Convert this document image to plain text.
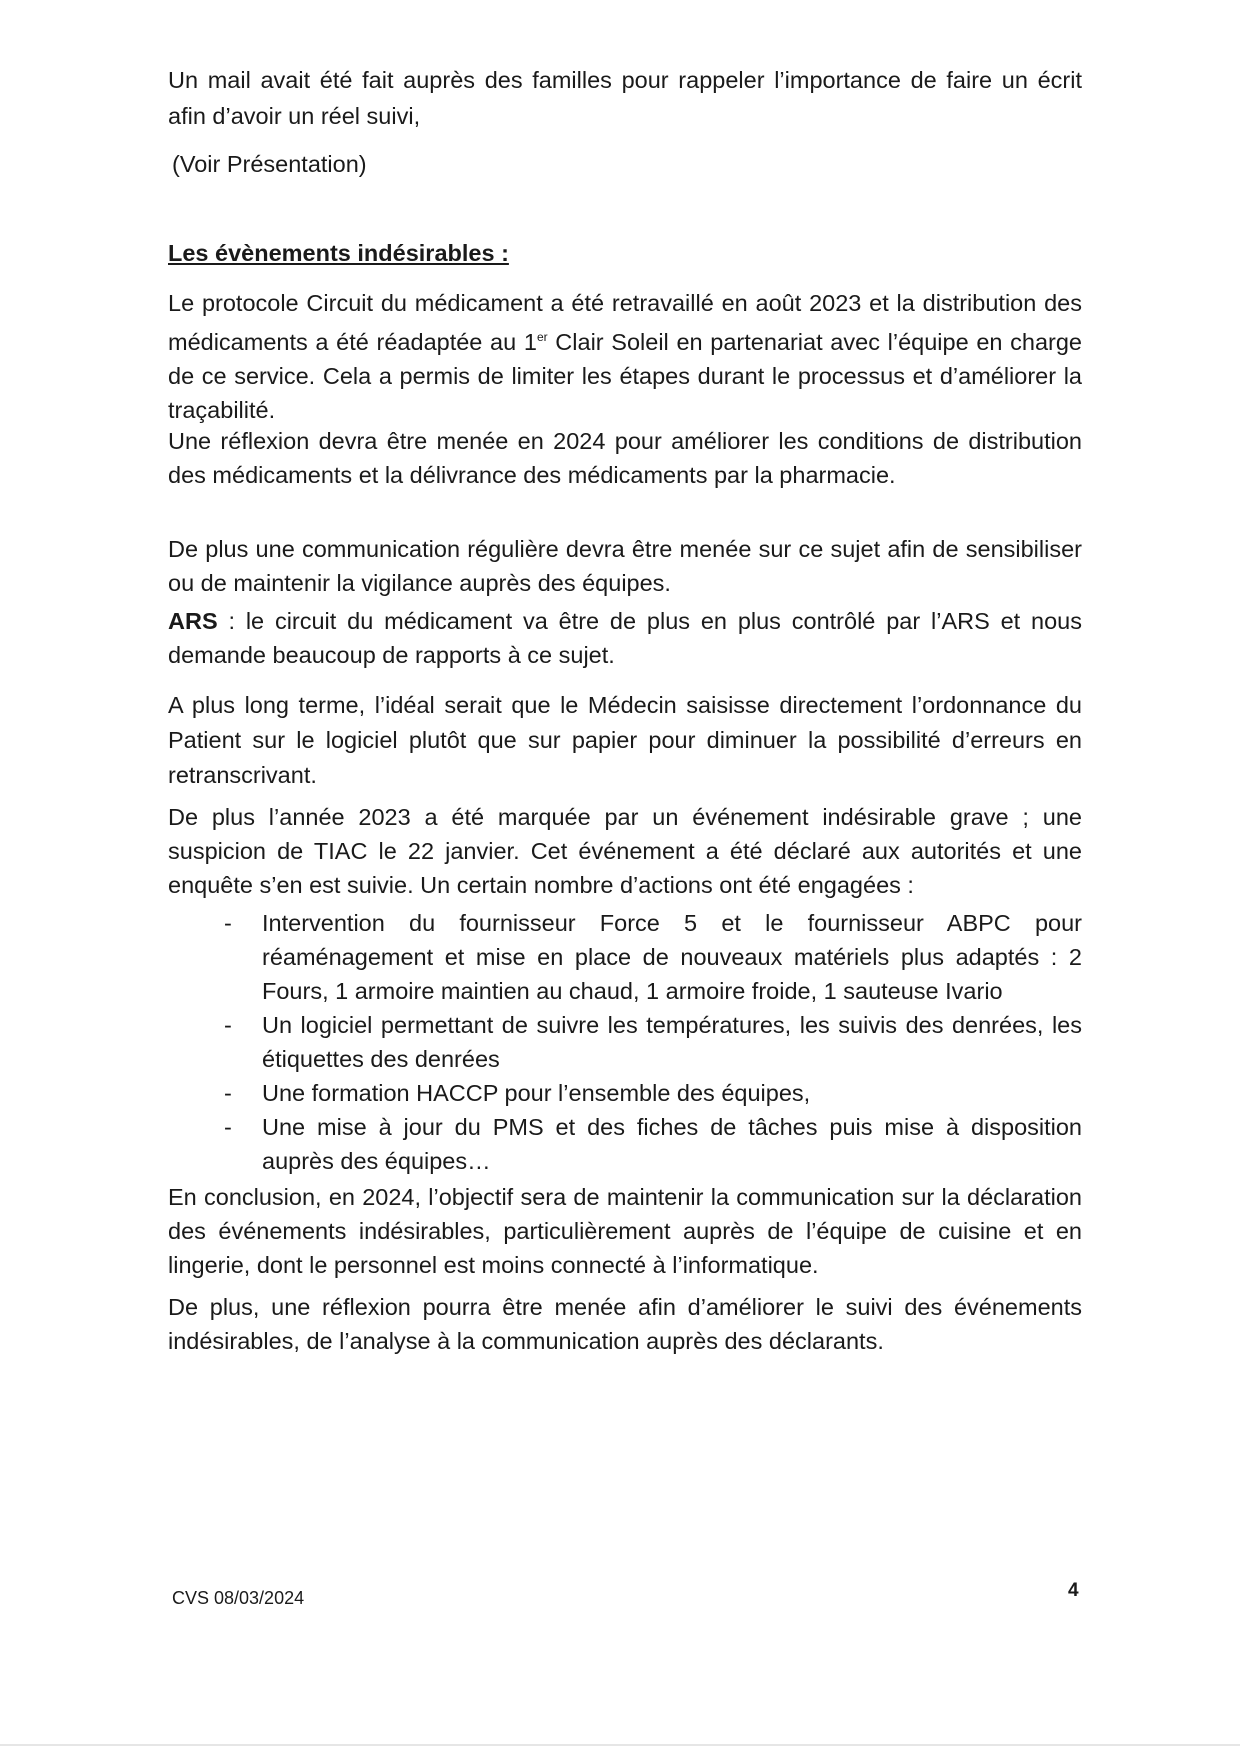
Un mail avait été fait auprès des familles pour rappeler l’importance de faire un écrit afin d’avoir un réel suivi,

(Voir Présentation)

Les évènements indésirables :

Le protocole Circuit du médicament a été retravaillé en août 2023 et la distribution des médicaments a été réadaptée au 1er Clair Soleil en partenariat avec l’équipe en charge de ce service. Cela a permis de limiter les étapes durant le processus et d’améliorer la traçabilité.

Une réflexion devra être menée en 2024 pour améliorer les conditions de distribution des médicaments et la délivrance des médicaments par la pharmacie.

De plus une communication régulière devra être menée sur ce sujet afin de sensibiliser ou de maintenir la vigilance auprès des équipes.

ARS : le circuit du médicament va être de plus en plus contrôlé par l’ARS et nous demande beaucoup de rapports à ce sujet.

A plus long terme, l’idéal serait que le Médecin saisisse directement l’ordonnance du Patient sur le logiciel plutôt que sur papier pour diminuer la possibilité d’erreurs en retranscrivant.

De plus l’année 2023 a été marquée par un événement indésirable grave ; une suspicion de TIAC le 22 janvier. Cet événement a été déclaré aux autorités et une enquête s’en est suivie. Un certain nombre d’actions ont été engagées :

- Intervention du fournisseur Force 5 et le fournisseur ABPC pour réaménagement et mise en place de nouveaux matériels plus adaptés : 2 Fours, 1 armoire maintien au chaud, 1 armoire froide, 1 sauteuse Ivario
- Un logiciel permettant de suivre les températures, les suivis des denrées, les étiquettes des denrées
- Une formation HACCP pour l’ensemble des équipes,
- Une mise à jour du PMS et des fiches de tâches puis mise à disposition auprès des équipes…

En conclusion, en 2024, l’objectif sera de maintenir la communication sur la déclaration des événements indésirables, particulièrement auprès de l’équipe de cuisine et en lingerie, dont le personnel est moins connecté à l’informatique.

De plus, une réflexion pourra être menée afin d’améliorer le suivi des événements indésirables, de l’analyse à la communication auprès des déclarants.

CVS 08/03/2024	4
